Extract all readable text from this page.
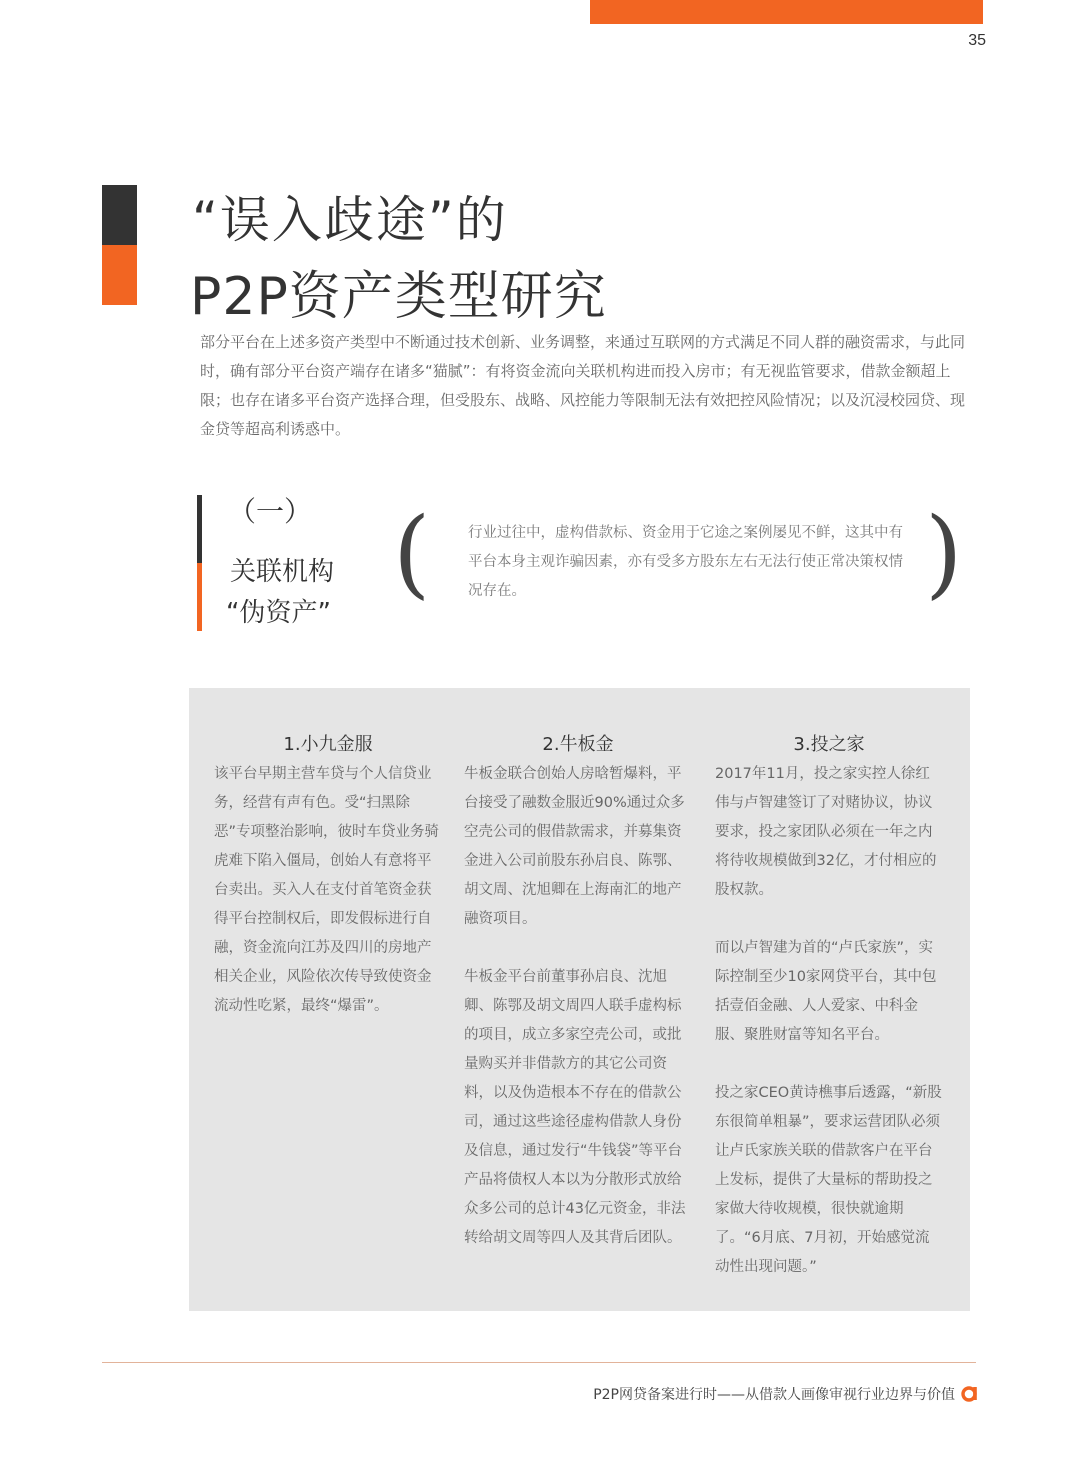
35
“误入歧途”的
P2P资产类型研究
部分平台在上述多资产类型中不断通过技术创新、业务调整，来通过互联网的方式满足不同人群的融资需求，与此同时，确有部分平台资产端存在诸多“猫腻”：有将资金流向关联机构进而投入房市；有无视监管要求，借款金额超上限；也存在诸多平台资产选择合理，但受股东、战略、风控能力等限制无法有效把控风险情况；以及沉浸校园贷、现金贷等超高利诱惑中。
（一）
关联机构
“伪资产”
(	行业过往中，虚构借款标、资金用于它途之案例屡见不鲜，这其中有平台本身主观诈骗因素，亦有受多方股东左右无法行使正常决策权情况存在。	)
1.小九金服

该平台早期主营车贷与个人信贷业务，经营有声有色。受“扫黑除恶”专项整治影响，彼时车贷业务骑虎难下陷入僵局，创始人有意将平台卖出。买入人在支付首笔资金获得平台控制权后，即发假标进行自融，资金流向江苏及四川的房地产相关企业，风险依次传导致使资金流动性吃紧，最终“爆雷”。

2.牛板金

牛板金联合创始人房晗暂爆料，平台接受了融数金服近90%通过众多空壳公司的假借款需求，并募集资金进入公司前股东孙启良、陈鄂、胡文周、沈旭卿在上海南汇的地产融资项目。

牛板金平台前董事孙启良、沈旭卿、陈鄂及胡文周四人联手虚构标的项目，成立多家空壳公司，或批量购买并非借款方的其它公司资料，以及伪造根本不存在的借款公司，通过这些途径虚构借款人身份及信息，通过发行“牛钱袋”等平台产品将债权人本以为分散形式放给众多公司的总计43亿元资金，非法转给胡文周等四人及其背后团队。

3.投之家

2017年11月，投之家实控人徐红伟与卢智建签订了对赌协议，协议要求，投之家团队必须在一年之内将待收规模做到32亿，才付相应的股权款。

而以卢智建为首的“卢氏家族”，实际控制至少10家网贷平台，其中包括壹佰金融、人人爱家、中科金服、聚胜财富等知名平台。

投之家CEO黄诗樵事后透露，“新股东很简单粗暴”，要求运营团队必须让卢氏家族关联的借款客户在平台上发标，提供了大量标的帮助投之家做大待收规模，很快就逾期了。“6月底、7月初，开始感觉流动性出现问题。”

P2P网贷备案进行时——从借款人画像审视行业边界与价值
